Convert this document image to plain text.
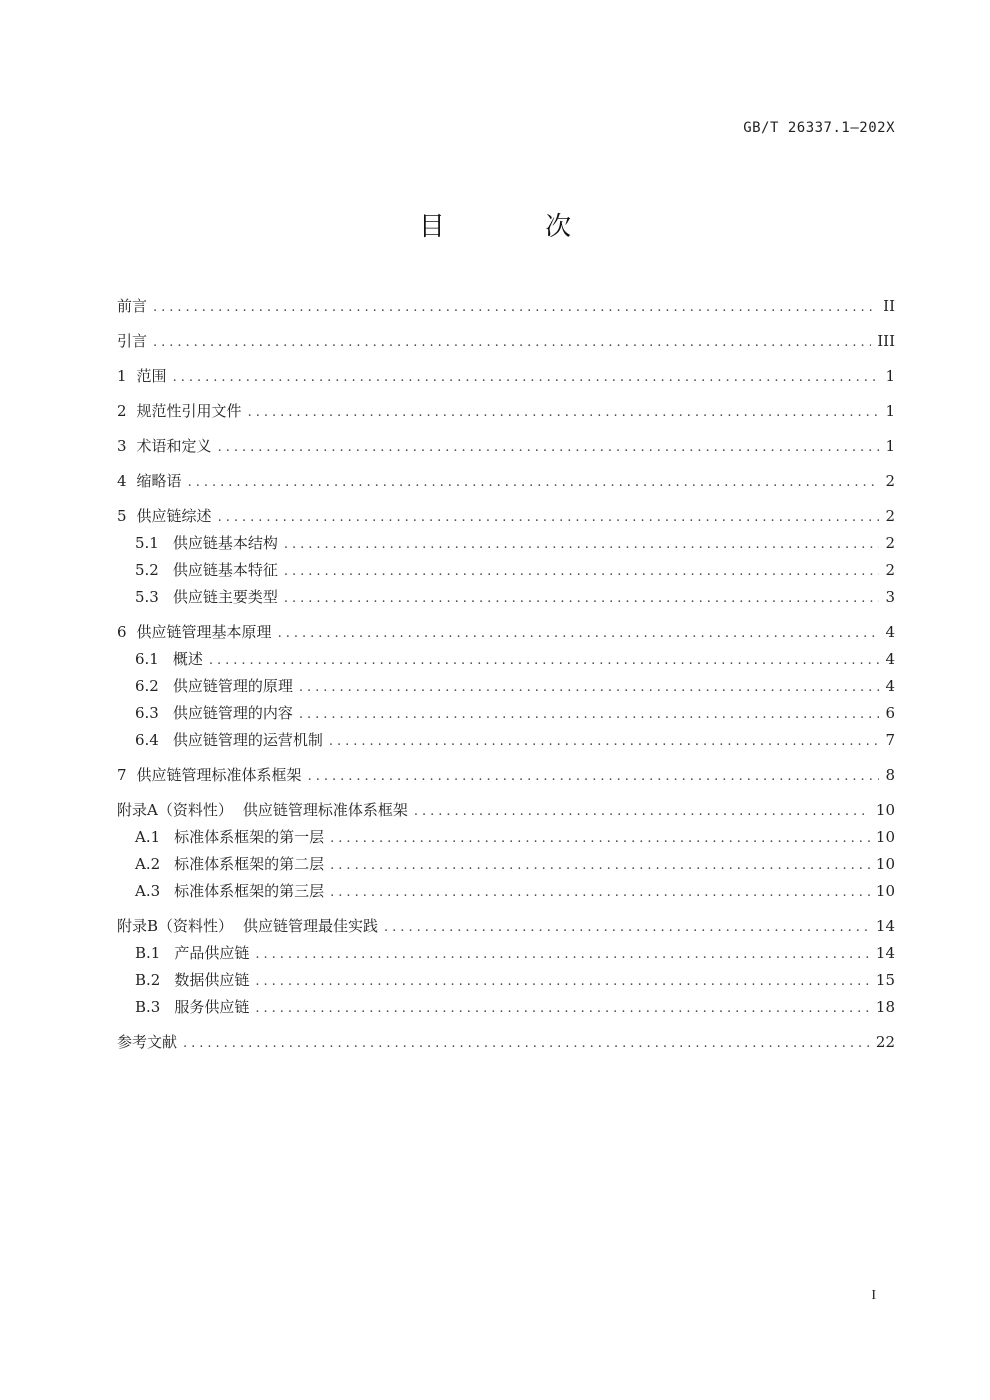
GB/T 26337.1—202X
目 次
前言 .....	II
引言 .....	III
1 范围 .....	1
2 规范性引用文件 .....	1
3 术语和定义 .....	1
4 缩略语 .....	2
5 供应链综述 .....	2
5.1 供应链基本结构 .....	2
5.2 供应链基本特征 .....	2
5.3 供应链主要类型 .....	3
6 供应链管理基本原理 .....	4
6.1 概述 .....	4
6.2 供应链管理的原理 .....	4
6.3 供应链管理的内容 .....	6
6.4 供应链管理的运营机制 .....	7
7 供应链管理标准体系框架 .....	8
附录A（资料性） 供应链管理标准体系框架 .....	10
A.1 标准体系框架的第一层 .....	10
A.2 标准体系框架的第二层 .....	10
A.3 标准体系框架的第三层 .....	10
附录B（资料性） 供应链管理最佳实践 .....	14
B.1 产品供应链 .....	14
B.2 数据供应链 .....	15
B.3 服务供应链 .....	18
参考文献 .....	22
I
